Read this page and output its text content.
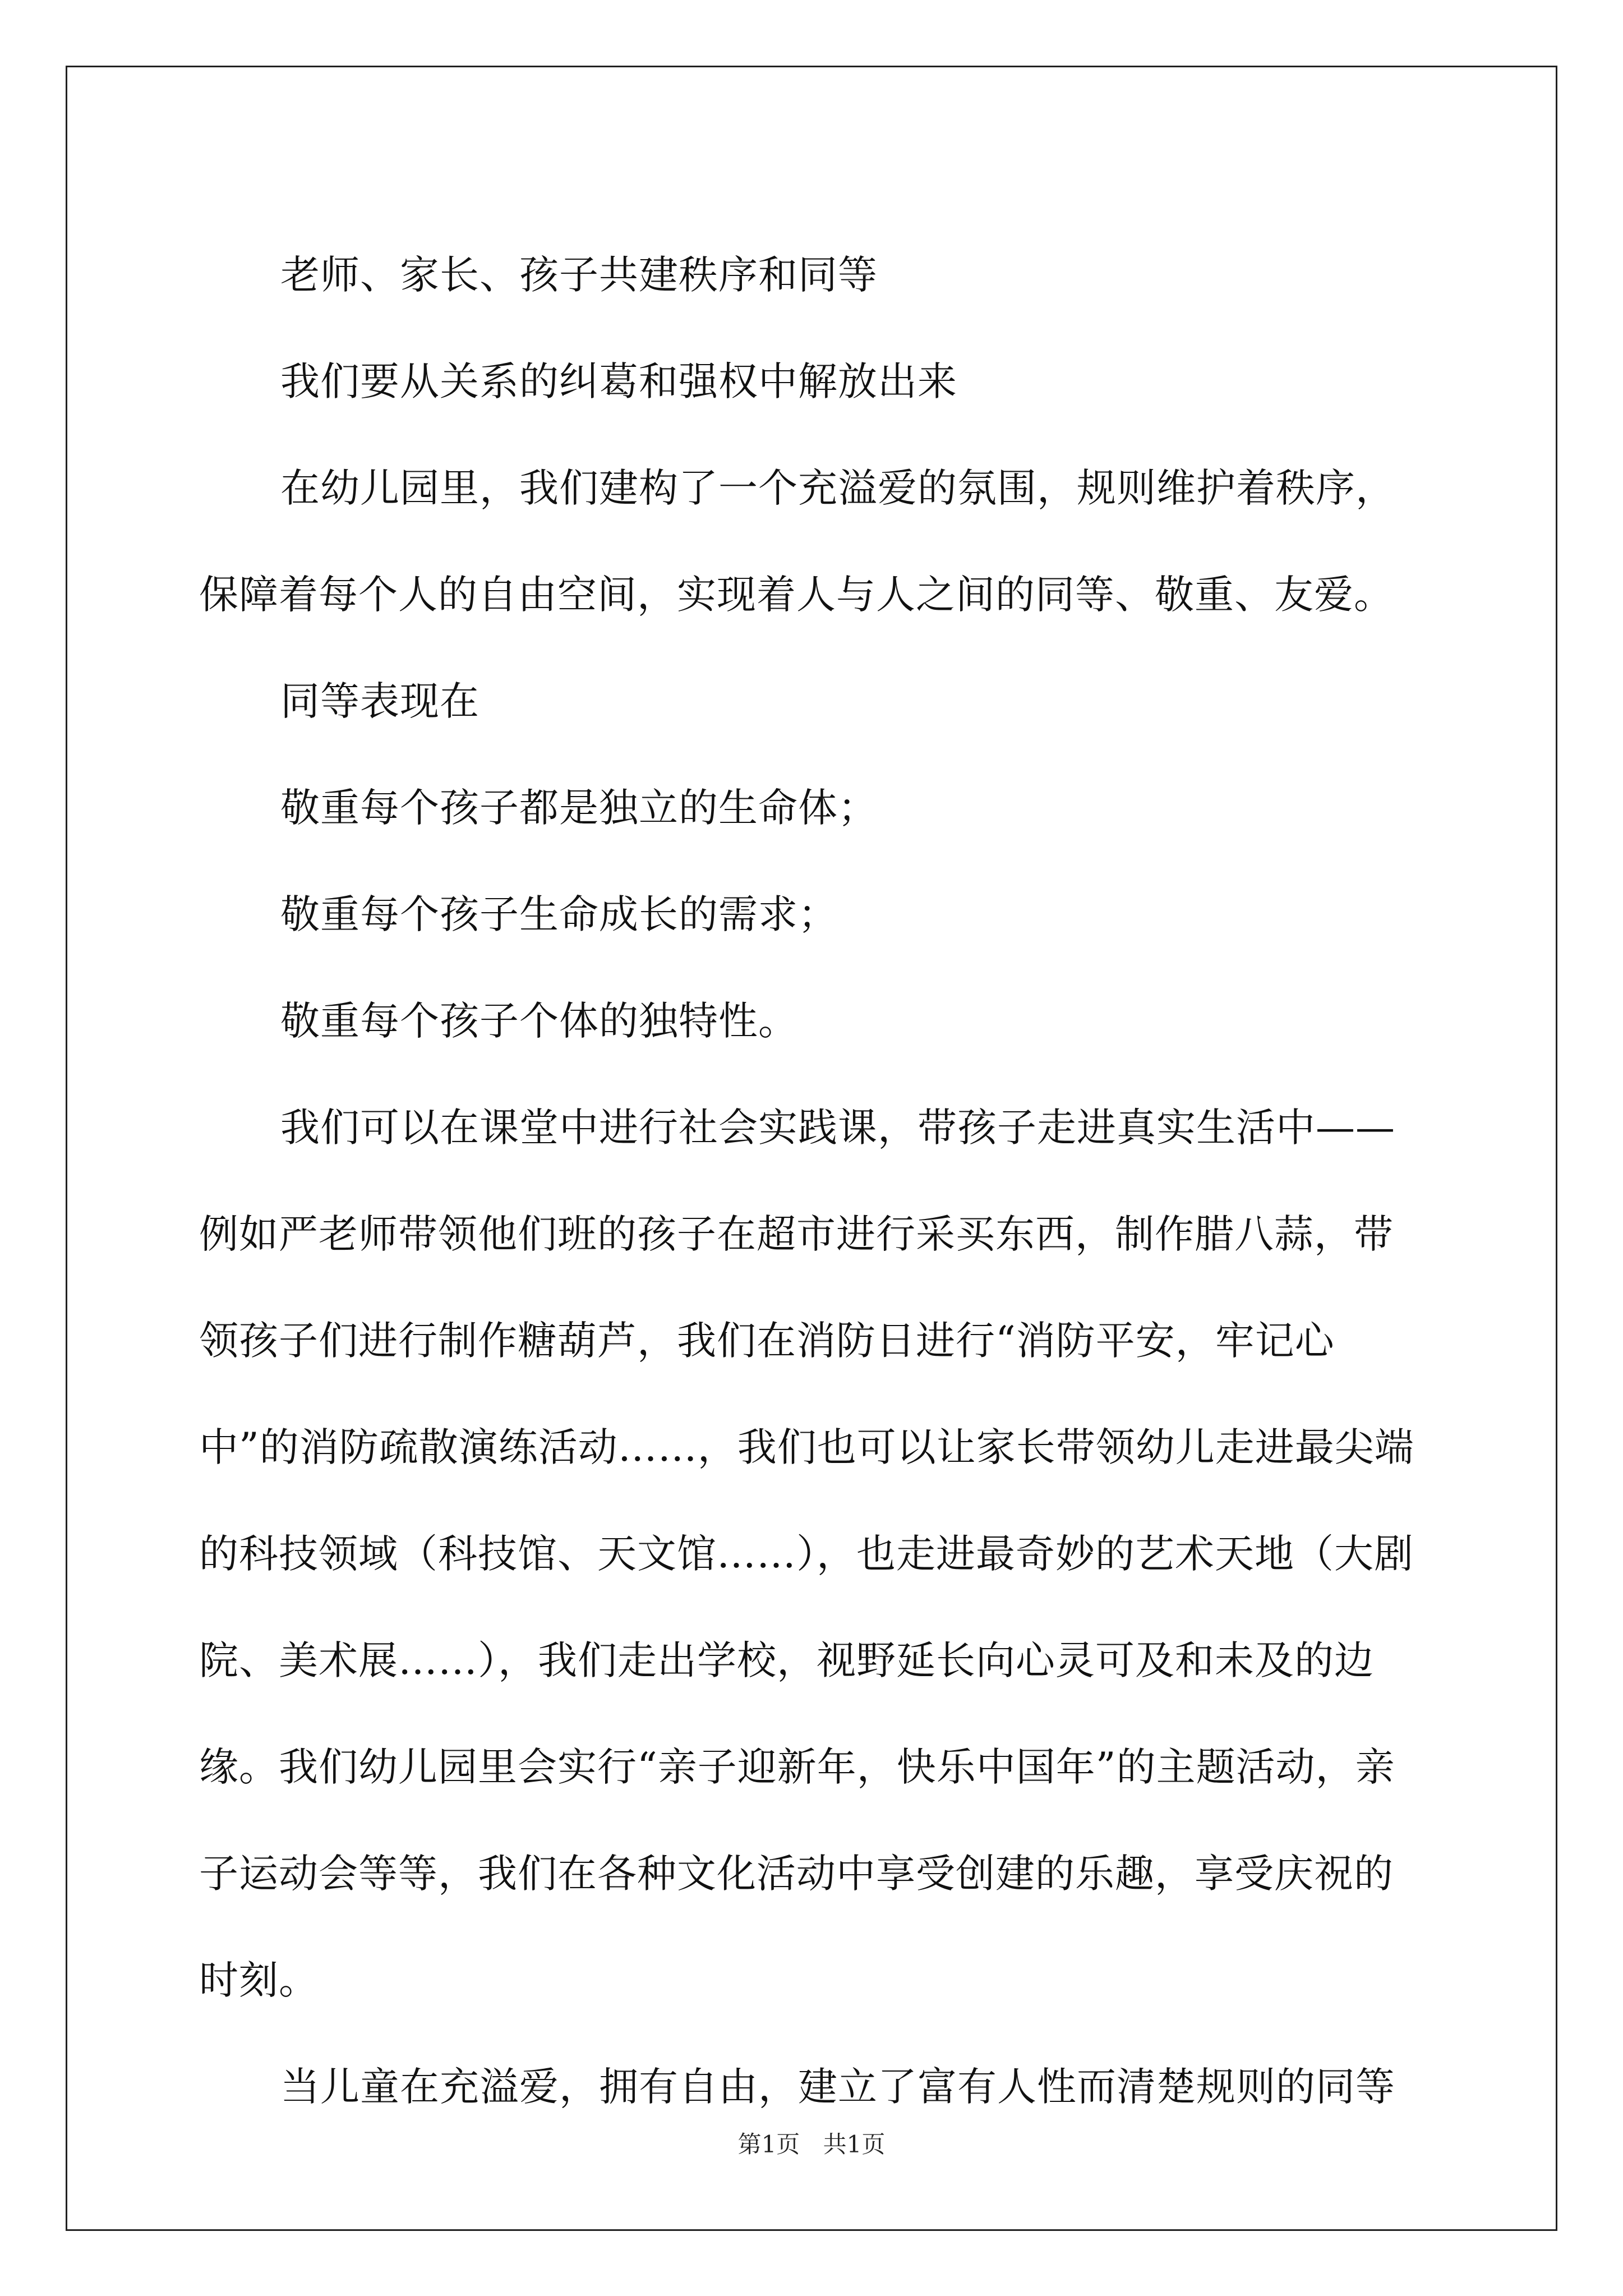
老师、家长、孩子共建秩序和同等

我们要从关系的纠葛和强权中解放出来

在幼儿园里，我们建构了一个充溢爱的氛围，规则维护着秩序，保障着每个人的自由空间，实现着人与人之间的同等、敬重、友爱。

同等表现在

敬重每个孩子都是独立的生命体；

敬重每个孩子生命成长的需求；

敬重每个孩子个体的独特性。

我们可以在课堂中进行社会实践课，带孩子走进真实生活中——例如严老师带领他们班的孩子在超市进行采买东西，制作腊八蒜，带领孩子们进行制作糖葫芦，我们在消防日进行“消防平安，牢记心中”的消防疏散演练活动……，我们也可以让家长带领幼儿走进最尖端的科技领域（科技馆、天文馆……），也走进最奇妙的艺术天地（大剧院、美术展……），我们走出学校，视野延长向心灵可及和未及的边缘。我们幼儿园里会实行“亲子迎新年，快乐中国年”的主题活动，亲子运动会等等，我们在各种文化活动中享受创建的乐趣，享受庆祝的时刻。

当儿童在充溢爱，拥有自由，建立了富有人性而清楚规则的同等

第1页 共1页
